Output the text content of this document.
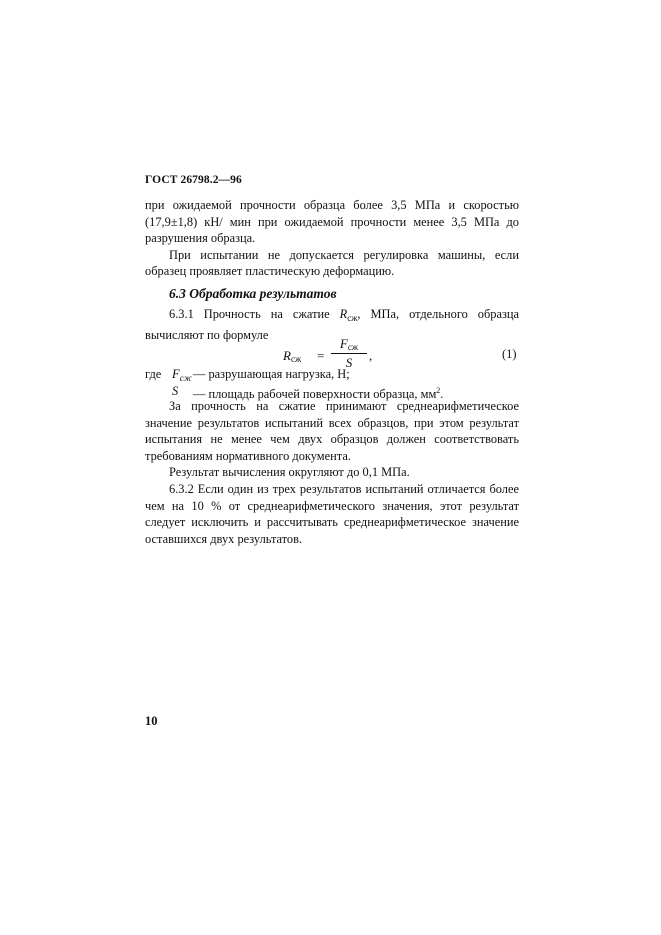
ГОСТ 26798.2—96

при ожидаемой прочности образца более 3,5 МПа и скоростью (17,9±1,8) кН/ мин при ожидаемой прочности менее 3,5 МПа до разрушения образца.

При испытании не допускается регулировка машины, если образец проявляет пластическую деформацию.

6.3 Обработка результатов

6.3.1 Прочность на сжатие $R_{сж}$, МПа, отдельного образца вычисляют по формуле

Rсж =
Fсж
S	,	(1)
где $F_{сж}$ — разрушающая нагрузка, Н;
S — площадь рабочей поверхности образца, $мм^2$.

За прочность на сжатие принимают среднеарифметическое значение результатов испытаний всех образцов, при этом результат испытания не менее чем двух образцов должен соответствовать требованиям нормативного документа.

Результат вычисления округляют до 0,1 МПа.

6.3.2 Если один из трех результатов испытаний отличается более чем на 10 % от среднеарифметического значения, этот результат следует исключить и рассчитывать среднеарифметическое значение оставшихся двух результатов.

10
